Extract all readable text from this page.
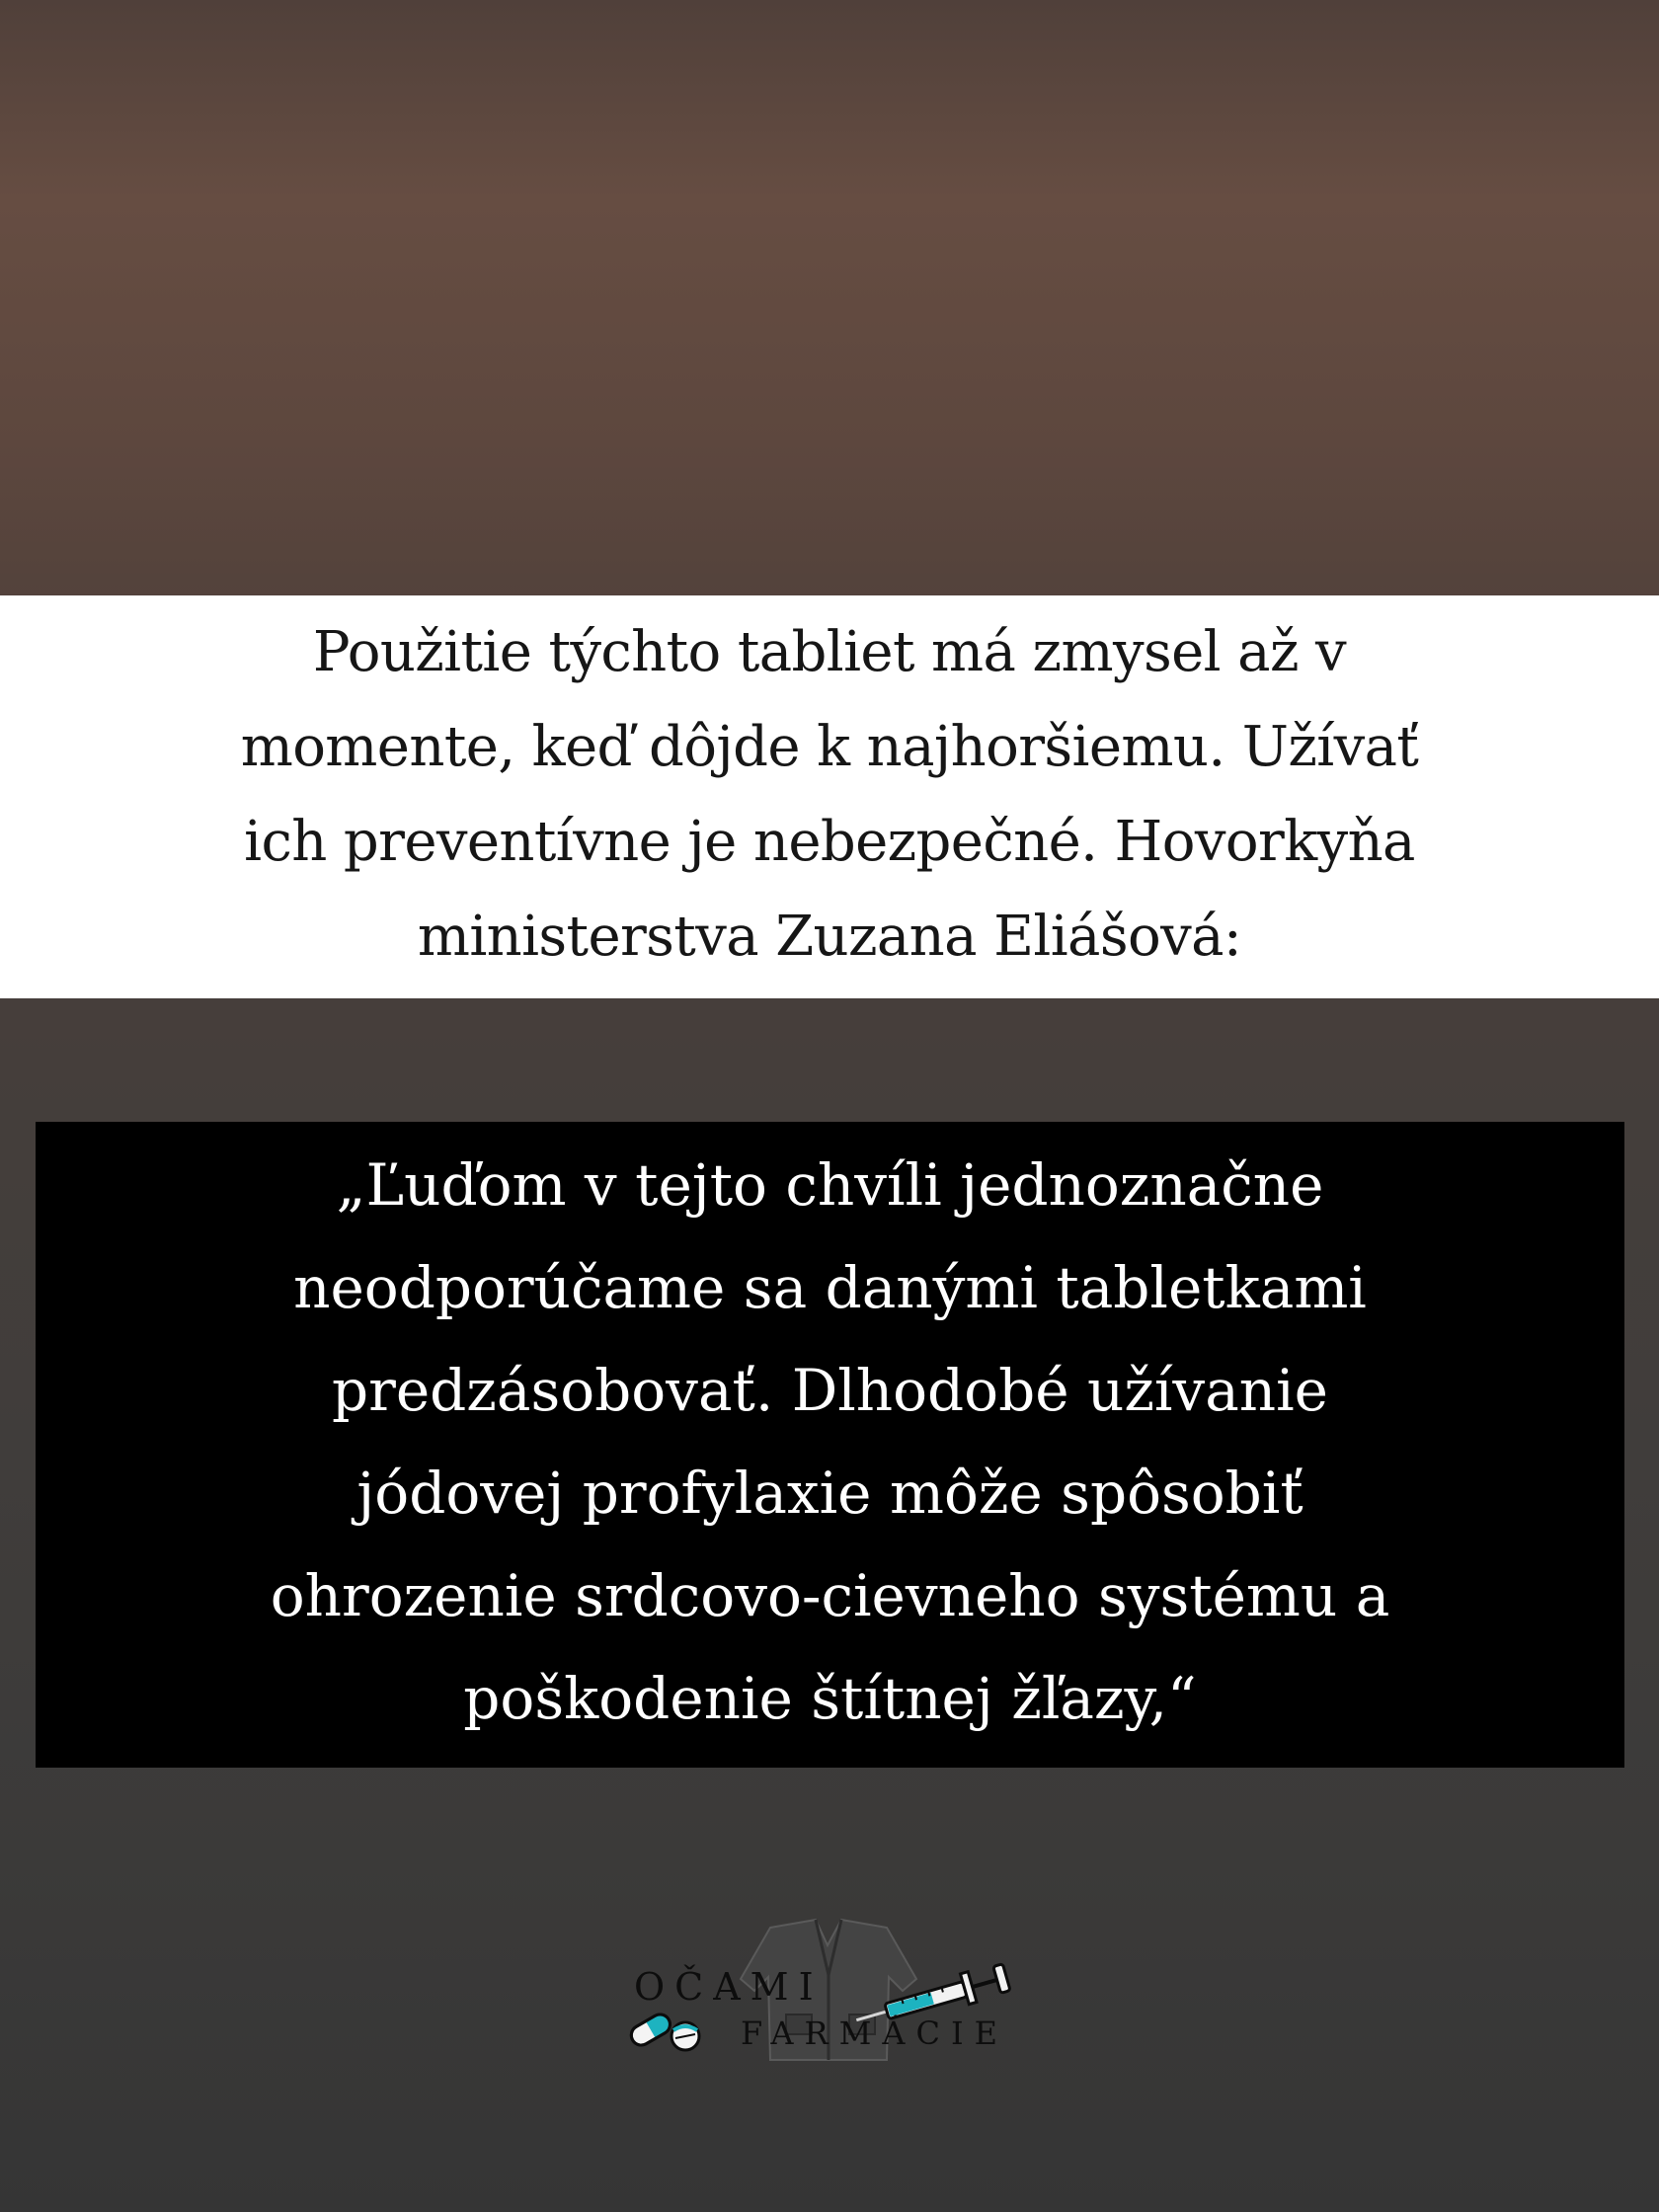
Použitie týchto tabliet má zmysel až v
momente, keď dôjde k najhoršiemu. Užívať
ich preventívne je nebezpečné. Hovorkyňa
ministerstva Zuzana Eliášová:
„Ľuďom v tejto chvíli jednoznačne
neodporúčame sa danými tabletkami
predzásobovať. Dlhodobé užívanie
jódovej profylaxie môže spôsobiť
ohrozenie srdcovo-cievneho systému a
poškodenie štítnej žľazy,“
OČAMI
FARMÁCIE
